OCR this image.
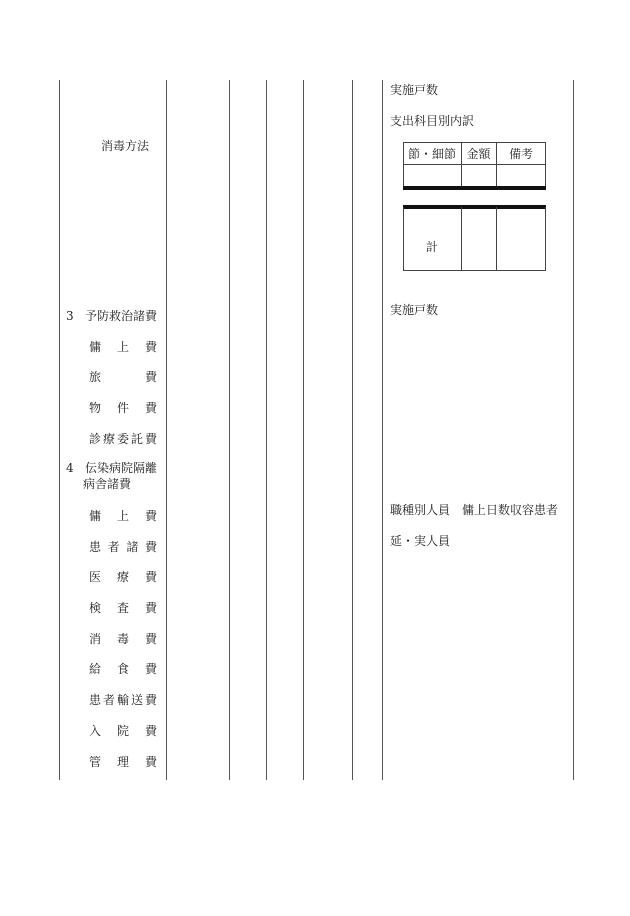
消毒方法
3 予防救治諸費
傭上費
旅費
物件費
診療委託費
4 伝染病院隔離
病舎諸費
傭上費
患者諸費
医療費
検査費
消毒費
給食費
患者輸送費
入院費
管理費
実施戸数
支出科目別内訳
節・細節 金額	備考
計
実施戸数
職種別人員　傭上日数収容患者
延・実人員
